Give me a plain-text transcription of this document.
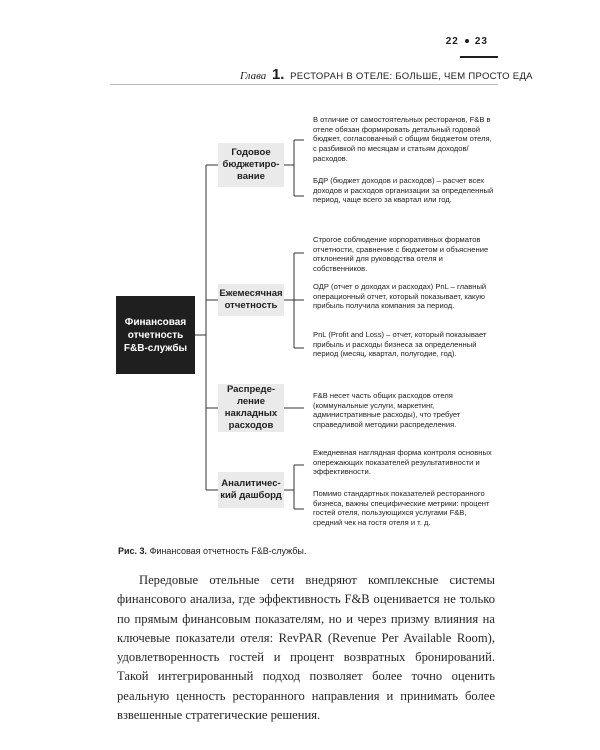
22 23
Глава 1. РЕСТОРАН В ОТЕЛЕ: БОЛЬШЕ, ЧЕМ ПРОСТО ЕДА
Финансовая отчетность F&B-службы
Годовое
бюджетиро-
вание
Ежемесячная
отчетность
Распреде-
ление
накладных
расходов
Аналитичес-
кий дашборд
В отличие от самостоятельных ресторанов, F&B в отеле обязан формировать детальный годовой бюджет, согласованный с общим бюджетом отеля, с разбивкой по месяцам и статьям доходов/расходов.
БДР (бюджет доходов и расходов) – расчет всех доходов и расходов организации за определенный период, чаще всего за квартал или год.
Строгое соблюдение корпоративных форматов отчетности, сравнение с бюджетом и объяснение отклонений для руководства отеля и собственников.
ОДР (отчет о доходах и расходах) PnL – главный операционный отчет, который показывает, какую прибыль получила компания за период.
PnL (Profit and Loss) – отчет, который показывает прибыль и расходы бизнеса за определенный период (месяц, квартал, полугодие, год).
F&B несет часть общих расходов отеля (коммунальные услуги, маркетинг, административные расходы), что требует справедливой методики распределения.
Ежедневная наглядная форма контроля основных опережающих показателей результативности и эффективности.
Помимо стандартных показателей ресторанного бизнеса, важны специфические метрики: процент гостей отеля, пользующихся услугами F&B, средний чек на гостя отеля и т. д.
Рис. 3. Финансовая отчетность F&B-службы.
Передовые отельные сети внедряют комплексные системы финансового анализа, где эффективность F&B оценивается не только по прямым финансовым показателям, но и через призму влияния на ключевые показатели отеля: RevPAR (Revenue Per Available Room), удовлетворенность гостей и процент возвратных бронирований. Такой интегрированный подход позволяет более точно оценить реальную ценность ресторанного направления и принимать более взвешенные стратегические решения.
